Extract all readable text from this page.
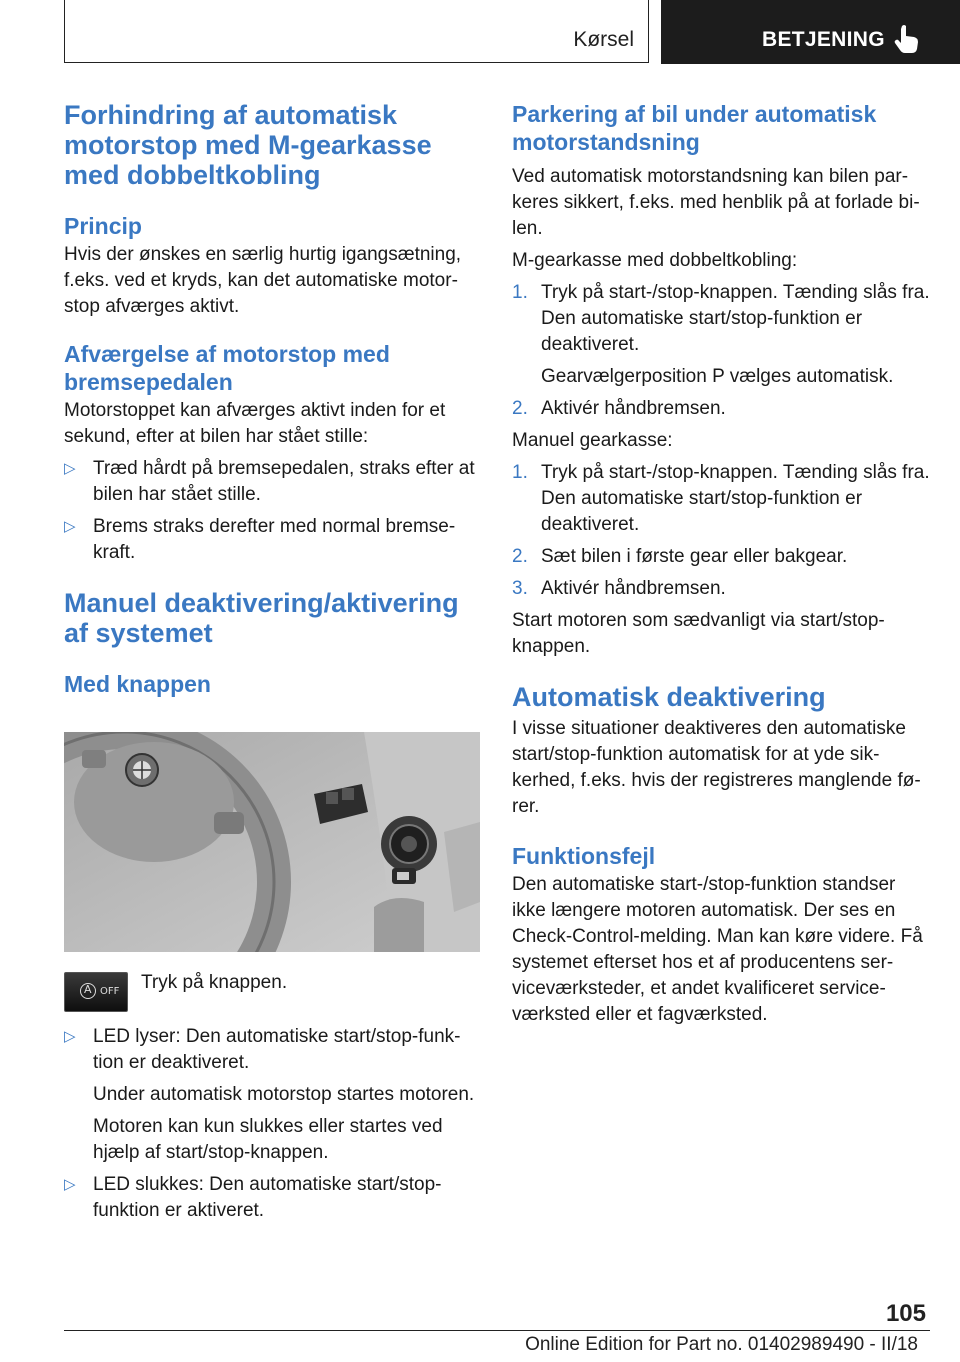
Kørsel	BETJENING
Forhindring af automatisk motorstop med M-gearkasse med dobbeltkobling
Princip

Hvis der ønskes en særlig hurtig igangsætning, f.eks. ved et kryds, kan det automatiske motorstop afværges aktivt.

Afværgelse af motorstop med bremsepedalen

Motorstoppet kan afværges aktivt inden for et sekund, efter at bilen har stået stille:

▷ Træd hårdt på bremsepedalen, straks efter at bilen har stået stille.
▷ Brems straks derefter med normal bremsekraft.
Manuel deaktivering/aktivering af systemet
Med knappen
A
OFF Tryk på knappen.

▷ LED lyser: Den automatiske start/stop-funktion er deaktiveret.
Under automatisk motorstop startes motoren.
Motoren kan kun slukkes eller startes ved hjælp af start/stop-knappen.
▷ LED slukkes: Den automatiske start/stop-funktion er aktiveret.
Parkering af bil under automatisk motorstandsning

Ved automatisk motorstandsning kan bilen parkeres sikkert, f.eks. med henblik på at forlade bilen.

M-gearkasse med dobbeltkobling:

1. Tryk på start-/stop-knappen. Tænding slås fra. Den automatiske start/stop-funktion er deaktiveret.
Gearvælgerposition P vælges automatisk.
2. Aktivér håndbremsen.

Manuel gearkasse:

1. Tryk på start-/stop-knappen. Tænding slås fra. Den automatiske start/stop-funktion er deaktiveret.
2. Sæt bilen i første gear eller bakgear.
3. Aktivér håndbremsen.

Start motoren som sædvanligt via start/stop-knappen.

Automatisk deaktivering

I visse situationer deaktiveres den automatiske start/stop-funktion automatisk for at yde sikkerhed, f.eks. hvis der registreres manglende fører.

Funktionsfejl

Den automatiske start-/stop-funktion standser ikke længere motoren automatisk. Der ses en Check-Control-melding. Man kan køre videre. Få systemet efterset hos et af producentens serviceværksteder, et andet kvalificeret serviceværksted eller et fagværksted.

105
Online Edition for Part no. 01402989490 - II/18
